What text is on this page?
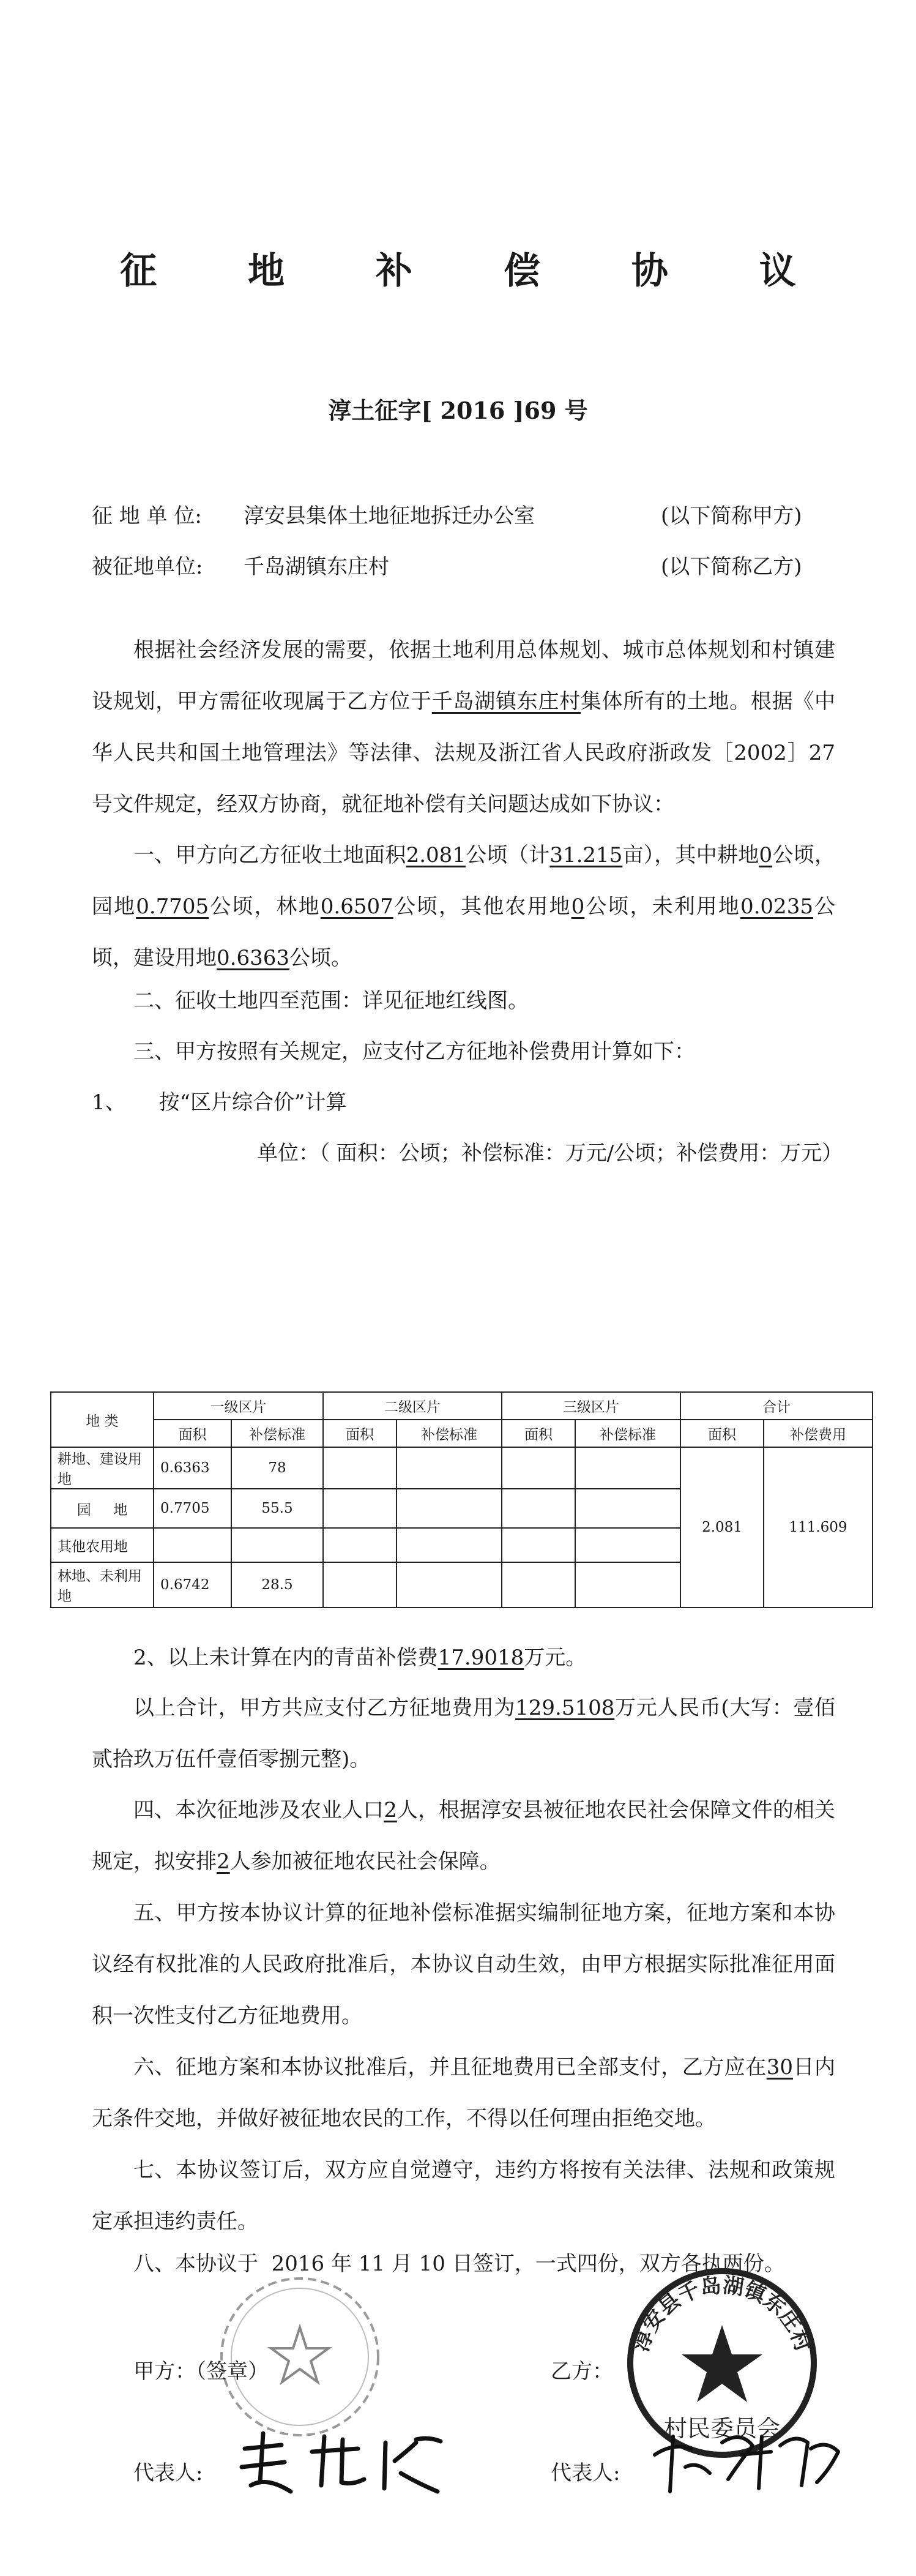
征 地 补 偿 协 议
淳土征字[ 2016 ]69 号
征 地 单 位: 淳安县集体土地征地拆迁办公室	(以下简称甲方)
被征地单位: 千岛湖镇东庄村	(以下简称乙方)
根据社会经济发展的需要，依据土地利用总体规划、城市总体规划和村镇建设规划，甲方需征收现属于乙方位于千岛湖镇东庄村集体所有的土地。根据《中华人民共和国土地管理法》等法律、法规及浙江省人民政府浙政发［2002］27 号文件规定，经双方协商，就征地补偿有关问题达成如下协议：
一、甲方向乙方征收土地面积2.081公顷（计31.215亩），其中耕地0公顷，园地0.7705公顷，林地0.6507公顷，其他农用地0公顷，未利用地0.0235公顷，建设用地0.6363公顷。
二、征收土地四至范围：详见征地红线图。
三、甲方按照有关规定，应支付乙方征地补偿费用计算如下：
1、     按“区片综合价”计算
单位：（ 面积：公顷；补偿标准：万元/公顷；补偿费用：万元）
地 类	一级区片		二级区片		三级区片		合计	
	面积	补偿标准	面积	补偿标准	面积	补偿标准	面积	补偿费用
耕地、建设用地	0.6363	78					2.081	111.609
园     地	0.7705	55.5						
其他农用地								
林地、未利用地	0.6742	28.5						
2、以上未计算在内的青苗补偿费17.9018万元。
以上合计，甲方共应支付乙方征地费用为129.5108万元人民币(大写：壹佰贰拾玖万伍仟壹佰零捌元整)。
四、本次征地涉及农业人口2人，根据淳安县被征地农民社会保障文件的相关规定，拟安排2人参加被征地农民社会保障。
五、甲方按本协议计算的征地补偿标准据实编制征地方案，征地方案和本协议经有权批准的人民政府批准后，本协议自动生效，由甲方根据实际批准征用面积一次性支付乙方征地费用。
六、征地方案和本协议批准后，并且征地费用已全部支付，乙方应在30日内无条件交地，并做好被征地农民的工作，不得以任何理由拒绝交地。
七、本协议签订后，双方应自觉遵守，违约方将按有关法律、法规和政策规定承担违约责任。
八、本协议于  2016 年 11 月 10 日签订，一式四份，双方各执两份。
甲方：（签章）	乙方：
淳安县千岛湖镇东庄村
村民委员会
代表人:	代表人:
